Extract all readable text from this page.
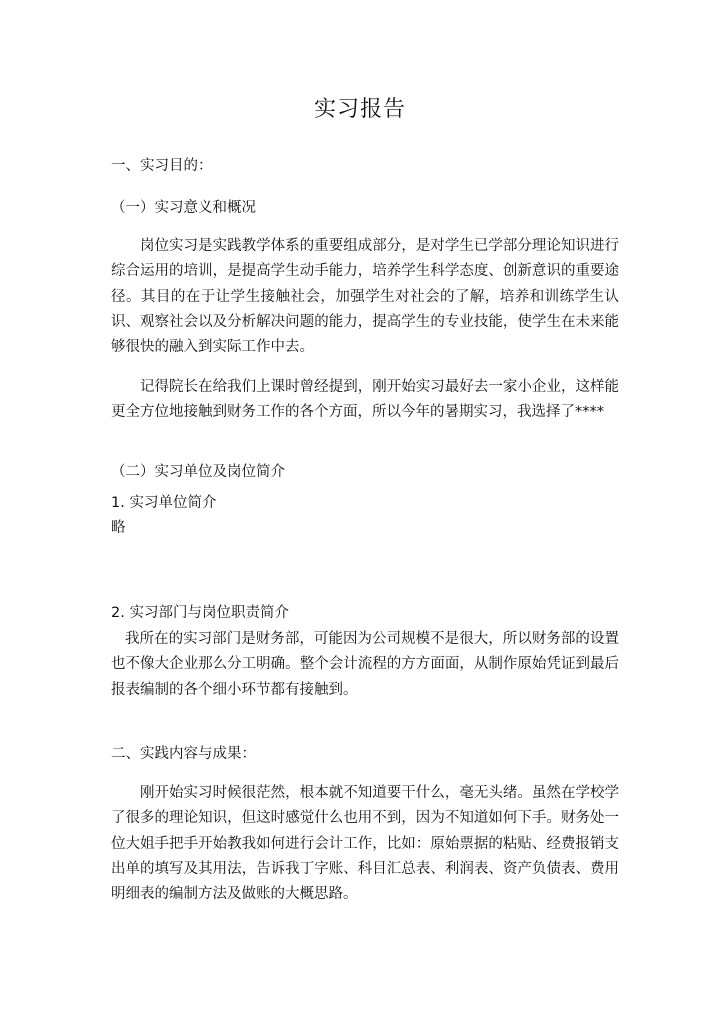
实习报告
一、实习目的：
（一）实习意义和概况

岗位实习是实践教学体系的重要组成部分，是对学生已学部分理论知识进行综合运用的培训，是提高学生动手能力，培养学生科学态度、创新意识的重要途径。其目的在于让学生接触社会，加强学生对社会的了解，培养和训练学生认识、观察社会以及分析解决问题的能力，提高学生的专业技能，使学生在未来能够很快的融入到实际工作中去。

记得院长在给我们上课时曾经提到，刚开始实习最好去一家小企业，这样能更全方位地接触到财务工作的各个方面，所以今年的暑期实习，我选择了****

（二）实习单位及岗位简介
1. 实习单位简介
略
2. 实习部门与岗位职责简介

我所在的实习部门是财务部，可能因为公司规模不是很大，所以财务部的设置也不像大企业那么分工明确。整个会计流程的方方面面，从制作原始凭证到最后报表编制的各个细小环节都有接触到。

二、实践内容与成果：

刚开始实习时候很茫然，根本就不知道要干什么，毫无头绪。虽然在学校学了很多的理论知识，但这时感觉什么也用不到，因为不知道如何下手。财务处一位大姐手把手开始教我如何进行会计工作，比如：原始票据的粘贴、经费报销支出单的填写及其用法，告诉我丁字账、科目汇总表、利润表、资产负债表、费用明细表的编制方法及做账的大概思路。
